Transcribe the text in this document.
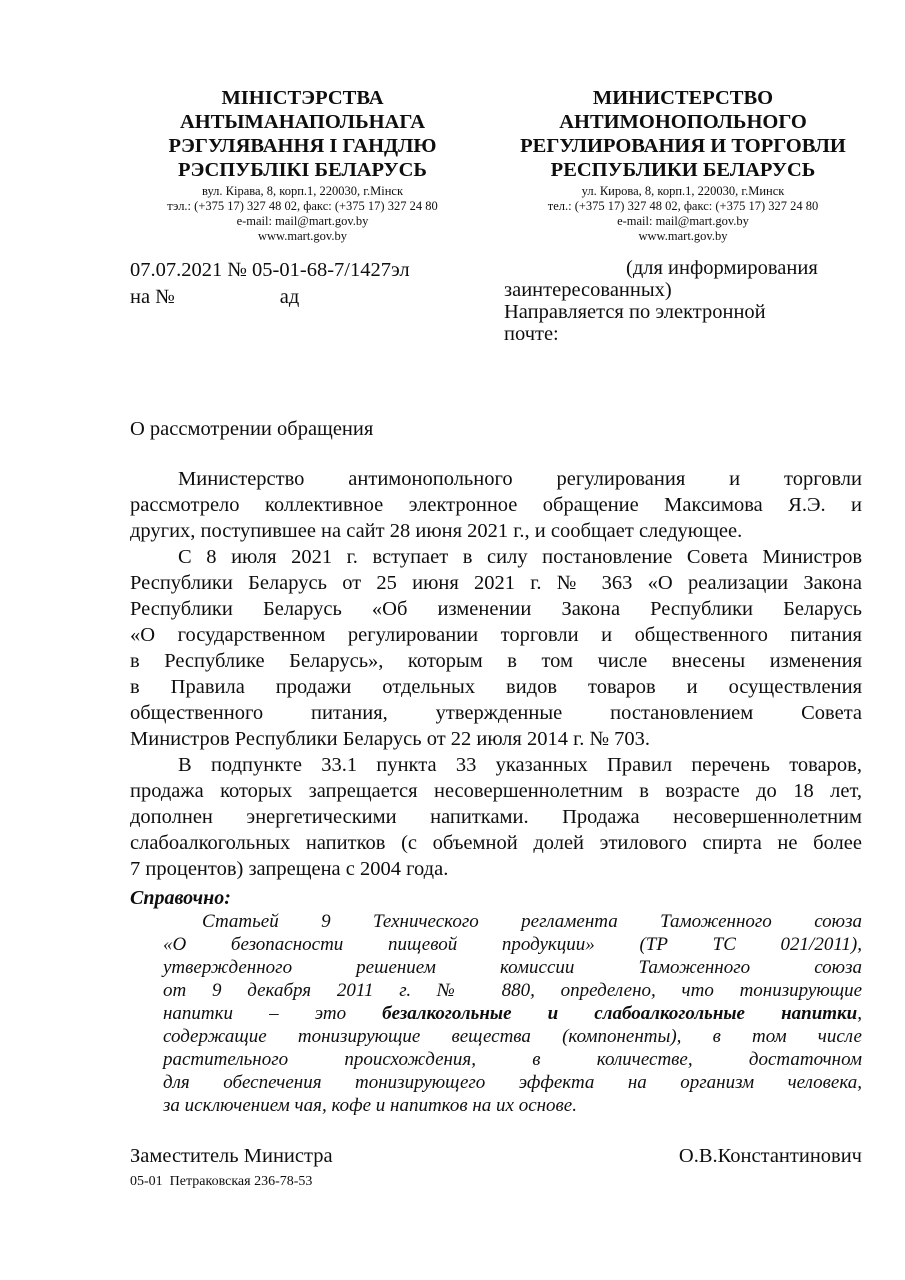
МІНІСТЭРСТВА
АНТЫМАНАПОЛЬНАГА
РЭГУЛЯВАННЯ І ГАНДЛЮ
РЭСПУБЛІКІ БЕЛАРУСЬ
вул. Кірава, 8, корп.1, 220030, г.Мінск
тэл.: (+375 17) 327 48 02, факс: (+375 17) 327 24 80
e-mail: mail@mart.gov.by
www.mart.gov.by
МИНИСТЕРСТВО
АНТИМОНОПОЛЬНОГО
РЕГУЛИРОВАНИЯ И ТОРГОВЛИ
РЕСПУБЛИКИ БЕЛАРУСЬ
ул. Кирова, 8, корп.1, 220030, г.Минск
тел.: (+375 17) 327 48 02, факс: (+375 17) 327 24 80
e-mail: mail@mart.gov.by
www.mart.gov.by
07.07.2021 № 05-01-68-7/1427эл
на №	ад
(для информирования
заинтересованных)
Направляется по электронной
почте:
О рассмотрении обращения
Министерство антимонопольного регулирования и торговли
рассмотрело коллективное электронное обращение Максимова Я.Э. и
других, поступившее на сайт 28 июня 2021 г., и сообщает следующее.
С 8 июля 2021 г. вступает в силу постановление Совета Министров
Республики Беларусь от 25 июня 2021 г. № 363 «О реализации Закона
Республики Беларусь «Об изменении Закона Республики Беларусь
«О государственном регулировании торговли и общественного питания
в Республике Беларусь», которым в том числе внесены изменения
в Правила продажи отдельных видов товаров и осуществления
общественного питания, утвержденные постановлением Совета
Министров Республики Беларусь от 22 июля 2014 г. № 703.
В подпункте 33.1 пункта 33 указанных Правил перечень товаров,
продажа которых запрещается несовершеннолетним в возрасте до 18 лет,
дополнен энергетическими напитками. Продажа несовершеннолетним
слабоалкогольных напитков (с объемной долей этилового спирта не более
7 процентов) запрещена с 2004 года.
Справочно:
Статьей 9 Технического регламента Таможенного союза
«О безопасности пищевой продукции» (ТР ТС 021/2011),
утвержденного решением комиссии Таможенного союза
от 9 декабря 2011 г. № 880, определено, что тонизирующие
напитки – это безалкогольные и слабоалкогольные напитки,
содержащие тонизирующие вещества (компоненты), в том числе
растительного происхождения, в количестве, достаточном
для обеспечения тонизирующего эффекта на организм человека,
за исключением чая, кофе и напитков на их основе.
Заместитель Министра	О.В.Константинович
05-01  Петраковская 236-78-53
